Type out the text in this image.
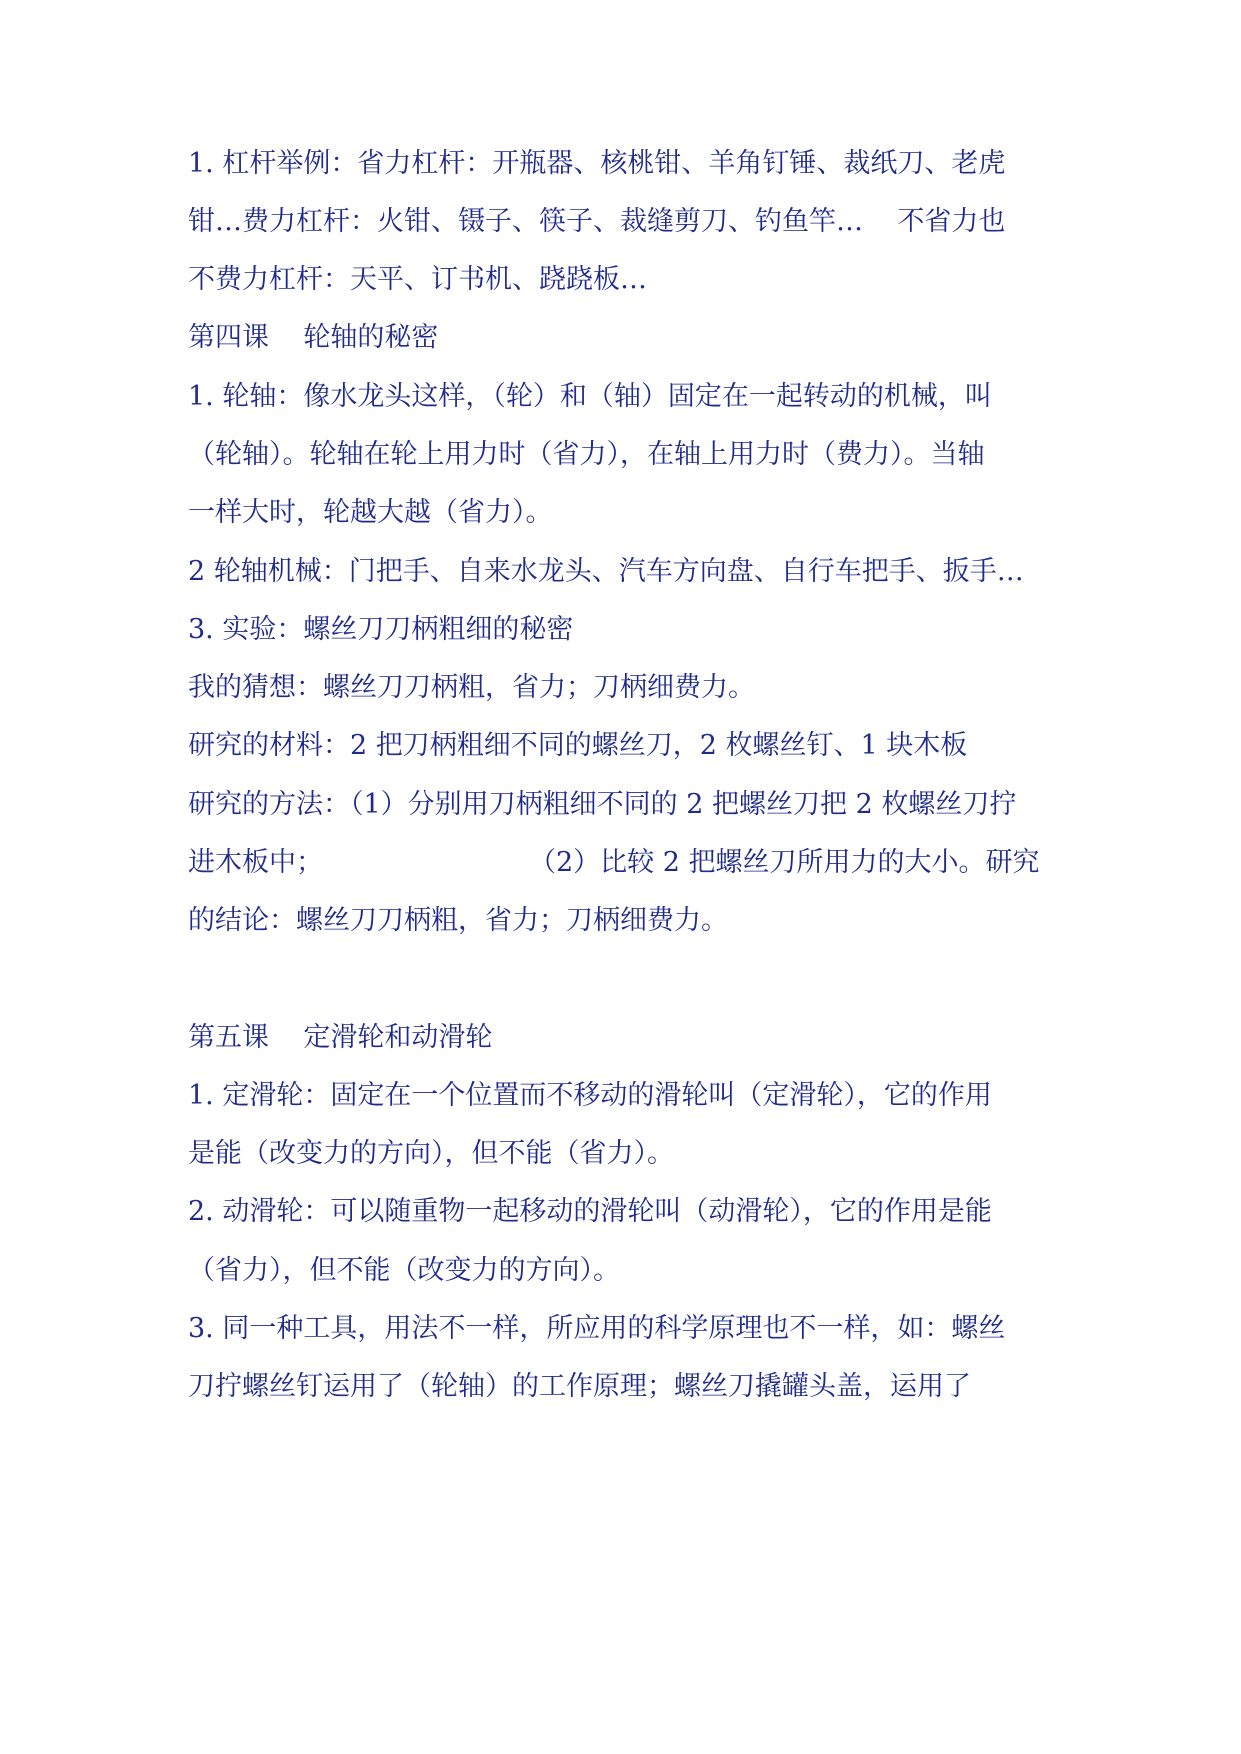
1. 杠杆举例：省力杠杆：开瓶器、核桃钳、羊角钉锤、裁纸刀、老虎
钳…费力杠杆：火钳、镊子、筷子、裁缝剪刀、钓鱼竿…    不省力也
不费力杠杆：天平、订书机、跷跷板…
第四课    轮轴的秘密
1. 轮轴：像水龙头这样，（轮）和（轴）固定在一起转动的机械，叫
（轮轴）。轮轴在轮上用力时（省力），在轴上用力时（费力）。当轴
一样大时，轮越大越（省力）。
2 轮轴机械：门把手、自来水龙头、汽车方向盘、自行车把手、扳手…
3. 实验：螺丝刀刀柄粗细的秘密
我的猜想：螺丝刀刀柄粗，省力；刀柄细费力。
研究的材料：2 把刀柄粗细不同的螺丝刀，2 枚螺丝钉、1 块木板
研究的方法：（1）分别用刀柄粗细不同的 2 把螺丝刀把 2 枚螺丝刀拧
进木板中；                        （2）比较 2 把螺丝刀所用力的大小。研究
的结论：螺丝刀刀柄粗，省力；刀柄细费力。
第五课    定滑轮和动滑轮
1. 定滑轮：固定在一个位置而不移动的滑轮叫（定滑轮），它的作用
是能（改变力的方向），但不能（省力）。
2. 动滑轮：可以随重物一起移动的滑轮叫（动滑轮），它的作用是能
（省力），但不能（改变力的方向）。
3. 同一种工具，用法不一样，所应用的科学原理也不一样，如：螺丝
刀拧螺丝钉运用了（轮轴）的工作原理；螺丝刀撬罐头盖，运用了
